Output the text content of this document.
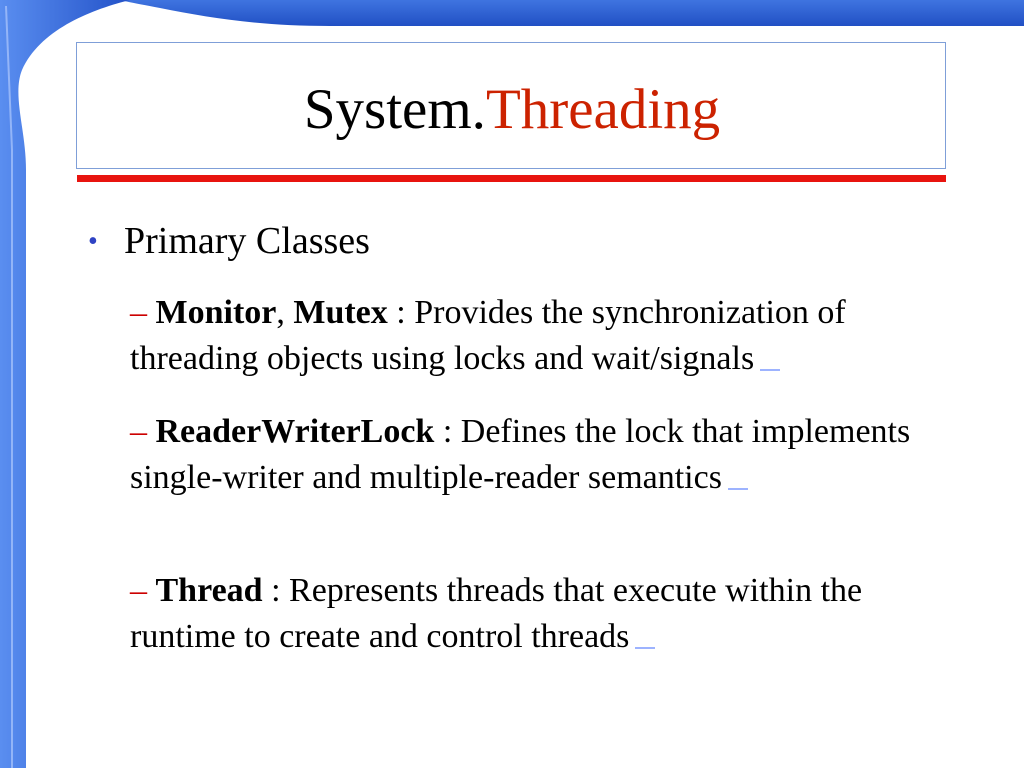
System.Threading
• Primary Classes
– Monitor, Mutex : Provides the synchronization of threading objects using locks and wait/signals
– ReaderWriterLock : Defines the lock that implements single-writer and multiple-reader semantics
– Thread : Represents threads that execute within the runtime to create and control threads
